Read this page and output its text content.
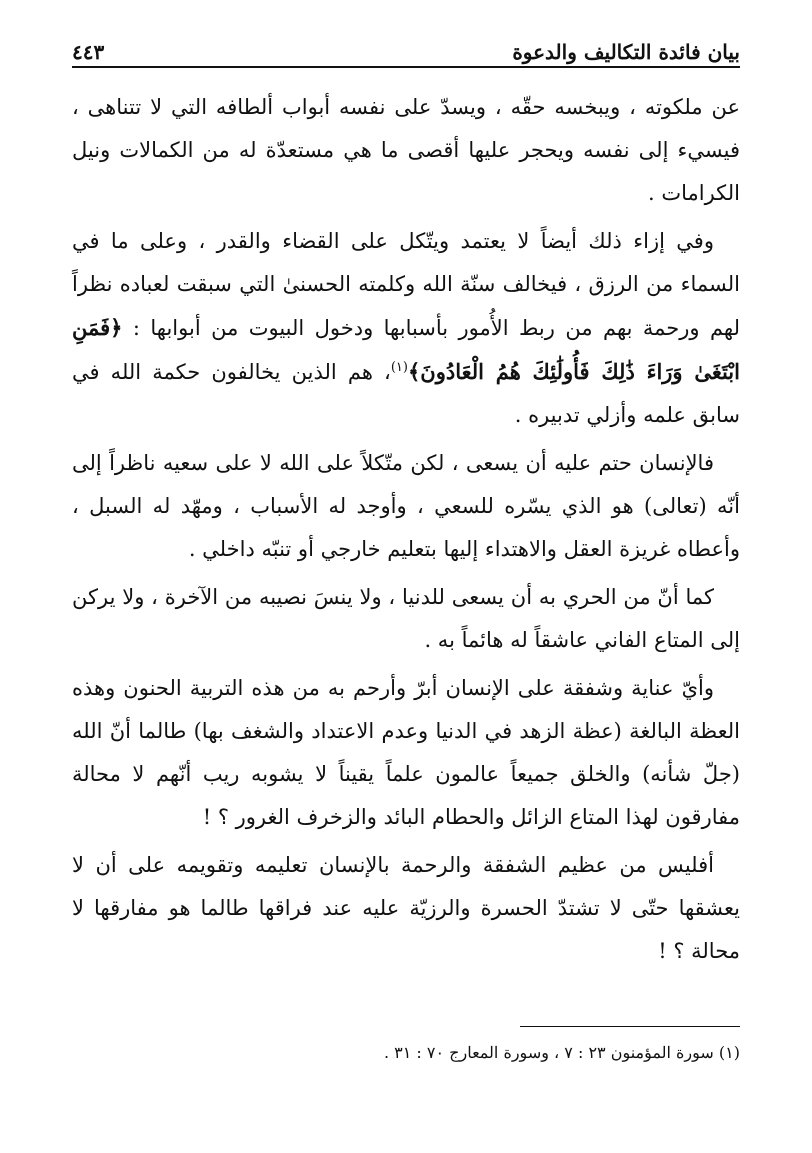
بيان فائدة التكاليف والدعوة
٤٤٣

عن ملكوته ، ويبخسه حقّه ، ويسدّ على نفسه أبواب ألطافه التي لا تتناهى ، فيسيء إلى نفسه ويحجر عليها أقصى ما هي مستعدّة له من الكمالات ونيل الكرامات .

وفي إزاء ذلك أيضاً لا يعتمد ويتّكل على القضاء والقدر ، وعلى ما في السماء من الرزق ، فيخالف سنّة الله وكلمته الحسنىٰ التي سبقت لعباده نظراً لهم ورحمة بهم من ربط الأُمور بأسبابها ودخول البيوت من أبوابها : ﴿فَمَنِ ابْتَغَىٰ وَرَاءَ ذَٰلِكَ فَأُولَٰئِكَ هُمُ الْعَادُونَ﴾$^{(١)}$، هم الذين يخالفون حكمة الله في سابق علمه وأزلي تدبيره .

فالإنسان حتم عليه أن يسعى ، لكن متّكلاً على الله لا على سعيه ناظراً إلى أنّه (تعالى) هو الذي يسّره للسعي ، وأوجد له الأسباب ، ومهّد له السبل ، وأعطاه غريزة العقل والاهتداء إليها بتعليم خارجي أو تنبّه داخلي .

كما أنّ من الحري به أن يسعى للدنيا ، ولا ينسَ نصيبه من الآخرة ، ولا يركن إلى المتاع الفاني عاشقاً له هائماً به .

وأيّ عناية وشفقة على الإنسان أبرّ وأرحم به من هذه التربية الحنون وهذه العظة البالغة (عظة الزهد في الدنيا وعدم الاعتداد والشغف بها) طالما أنّ الله (جلّ شأنه) والخلق جميعاً عالمون علماً يقيناً لا يشوبه ريب أنّهم لا محالة مفارقون لهذا المتاع الزائل والحطام البائد والزخرف الغرور ؟ !

أفليس من عظيم الشفقة والرحمة بالإنسان تعليمه وتقويمه على أن لا يعشقها حتّى لا تشتدّ الحسرة والرزيّة عليه عند فراقها طالما هو مفارقها لا محالة ؟ !

(١) سورة المؤمنون ٢٣ : ٧ ، وسورة المعارج ٧٠ : ٣١ .
